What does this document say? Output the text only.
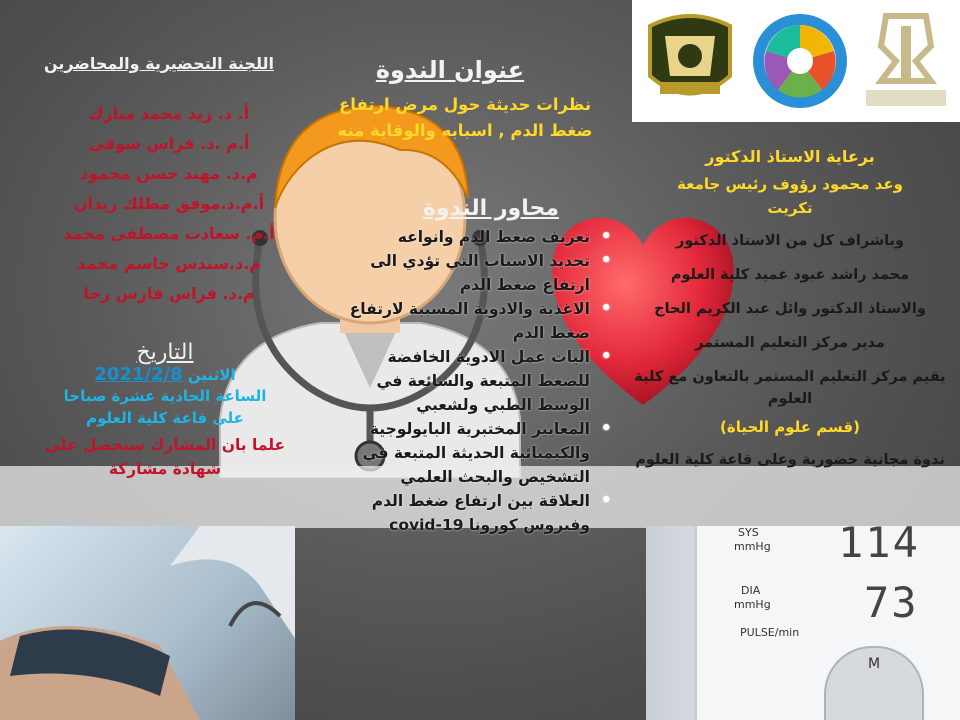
SYS
mmHg
DIA
mmHg
PULSE/min
114
73
M
اللجنة التحضيرية والمحاضرين
أ. د. زيد محمد مبارك
أ.م .د. فراس شوقي
م.د. مهند حسن محمود
أ.م.د.موفق مطلك زيدان
أ.م. سعادت مصطفى محمد
م.د.سندس جاسم محمد
م.د. فراس فارس رجا
التاريخ
الاثنين 2021/2/8
الساعة الحادية عشرة صباحا
على قاعة كلية العلوم
علما بان المشارك سيحصل على شهادة مشاركة
عنوان الندوة
نظرات حديثة حول مرض ارتفاع ضغط الدم , اسبابه والوقاية منه
محاور الندوة
• تعريف ضغط الدم وانواعه
• تحديد الاسباب التي تؤدي الى ارتفاع ضغط الدم
• الاغذية والادوية المسببة لارتفاع ضغط الدم
• اليات عمل الادوية الخافضة للضغط المتبعة والشائعة في الوسط الطبي ولشعبي
• المعايير المختبرية البايولوجية والكيميائية الحديثة المتبعة في التشخيص والبحث العلمي
• العلاقة بين ارتفاع ضغط الدم وفيروس كورونا covid-19

برعاية الاستاذ الدكتور

وعد محمود رؤوف رئيس جامعة تكريت

وباشراف كل من الاستاذ الدكتور

محمد راشد عبود عميد كلية العلوم

والاستاذ الدكتور وائل عبد الكريم الحاج

مدير مركز التعليم المستمر

يقيم مركز التعليم المستمر بالتعاون مع كلية العلوم

(قسم علوم الحياة)

ندوة مجانية حضورية وعلى قاعة كلية العلوم
